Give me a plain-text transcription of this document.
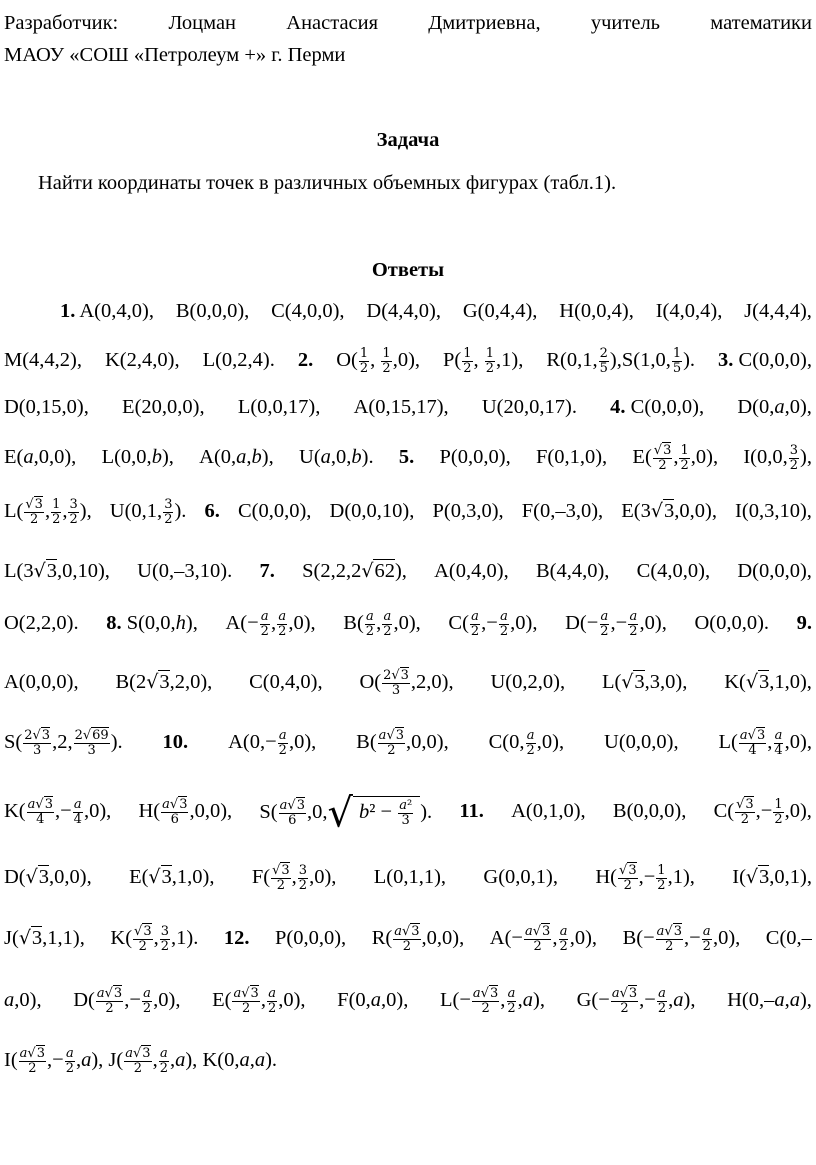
Разработчик: Лоцман Анастасия Дмитриевна, учитель математики
МАОУ «СОШ «Петролеум +» г. Перми
Задача
Найти координаты точек в различных объемных фигурах (табл.1).
Ответы
1. A(0,4,0), B(0,0,0), C(4,0,0), D(4,4,0), G(0,4,4), H(0,0,4), I(4,0,4), J(4,4,4),
M(4,4,2), K(2,4,0), L(0,2,4). 2. $O( \frac{1}{2}$ , $\frac{1}{2} ,0$), $P( \frac{1}{2}$ , $\frac{1}{2} ,1$), R(0,1, $\frac{2}{5} ),S(1,0$, $\frac{1}{5}$ ). 3. C(0,0,0),
D(0,15,0), E(20,0,0), L(0,0,17), A(0,15,17), U(20,0,17). 4. C(0,0,0), D(0,a,0),
E(a,0,0), L(0,0,b), A(0,a,b), U(a,0,b). 5. P(0,0,0), F(0,1,0), $E( \frac{√3}{2}$ , $\frac{1}{2} ,0$), I(0,0, $\frac{3}{2}$ ),
$L( \frac{√3}{2}$ , $\frac{1}{2}$ , $\frac{3}{2}$ ), U(0,1, $\frac{3}{2}$ ). 6. C(0,0,0), D(0,0,10), P(0,3,0), F(0,–3,0), E(3√3,0,0), I(0,3,10),
L(3√3,0,10), U(0,–3,10). 7. S(2,2,2√62), A(0,4,0), B(4,4,0), C(4,0,0), D(0,0,0),
O(2,2,0). 8. S(0,0,h), $A(- \frac{a}{2}$ , $\frac{a}{2} ,0$), $B( \frac{a}{2}$ , $\frac{a}{2} ,0$), $C( \frac{a}{2}$ ,− $\frac{a}{2} ,0$), $D(- \frac{a}{2}$ ,− $\frac{a}{2} ,0$), O(0,0,0). 9.
A(0,0,0), B(2√3,2,0), C(0,4,0), $O( \frac{2√3}{3} ,2,0)$, U(0,2,0), L(√3,3,0), K(√3,1,0),
$S( \frac{2√3}{3} ,2$, $\frac{2√69}{3}$ ). 10. $A(0,- \frac{a}{2} ,0)$, $B( \frac{a√3}{2} ,0,0)$, C(0, $\frac{a}{2} ,0$), U(0,0,0), $L( \frac{a√3}{4}$ , $\frac{a}{4} ,0$),
$K( \frac{a√3}{4}$ ,− $\frac{a}{4} ,0$), $H( \frac{a√3}{6} ,0,0)$, $S( \frac{a√3}{6} ,0,√$ $b^2 - \frac{\text{a²}}{3}$ ). 11. A(0,1,0), B(0,0,0), $C( \frac{√3}{2}$ ,− $\frac{1}{2} ,0$),
D(√3,0,0), E(√3,1,0), $F( \frac{√3}{2}$ , $\frac{3}{2} ,0$), L(0,1,1), G(0,0,1), $H( \frac{√3}{2}$ ,− $\frac{1}{2} ,1$), I(√3,0,1),
J(√3,1,1), $K( \frac{√3}{2}$ , $\frac{3}{2} ,1$). 12. P(0,0,0), $R( \frac{a√3}{2} ,0,0)$, $A(- \frac{a√3}{2}$ , $\frac{a}{2} ,0$), $B(- \frac{a√3}{2}$ ,− $\frac{a}{2} ,0$), C(0,–
a,0), $D( \frac{a√3}{2}$ ,− $\frac{a}{2} ,0$), $E( \frac{a√3}{2}$ , $\frac{a}{2} ,0$), F(0,a,0), $L(- \frac{a√3}{2}$ , $\frac{a}{2} ,a$), $G(- \frac{a√3}{2}$ ,− $\frac{a}{2} ,a$), H(0,–a,a),
$I( \frac{a√3}{2}$ ,− $\frac{a}{2} ,a$), $J( \frac{a√3}{2}$ , $\frac{a}{2} ,a$), K(0,a,a).
